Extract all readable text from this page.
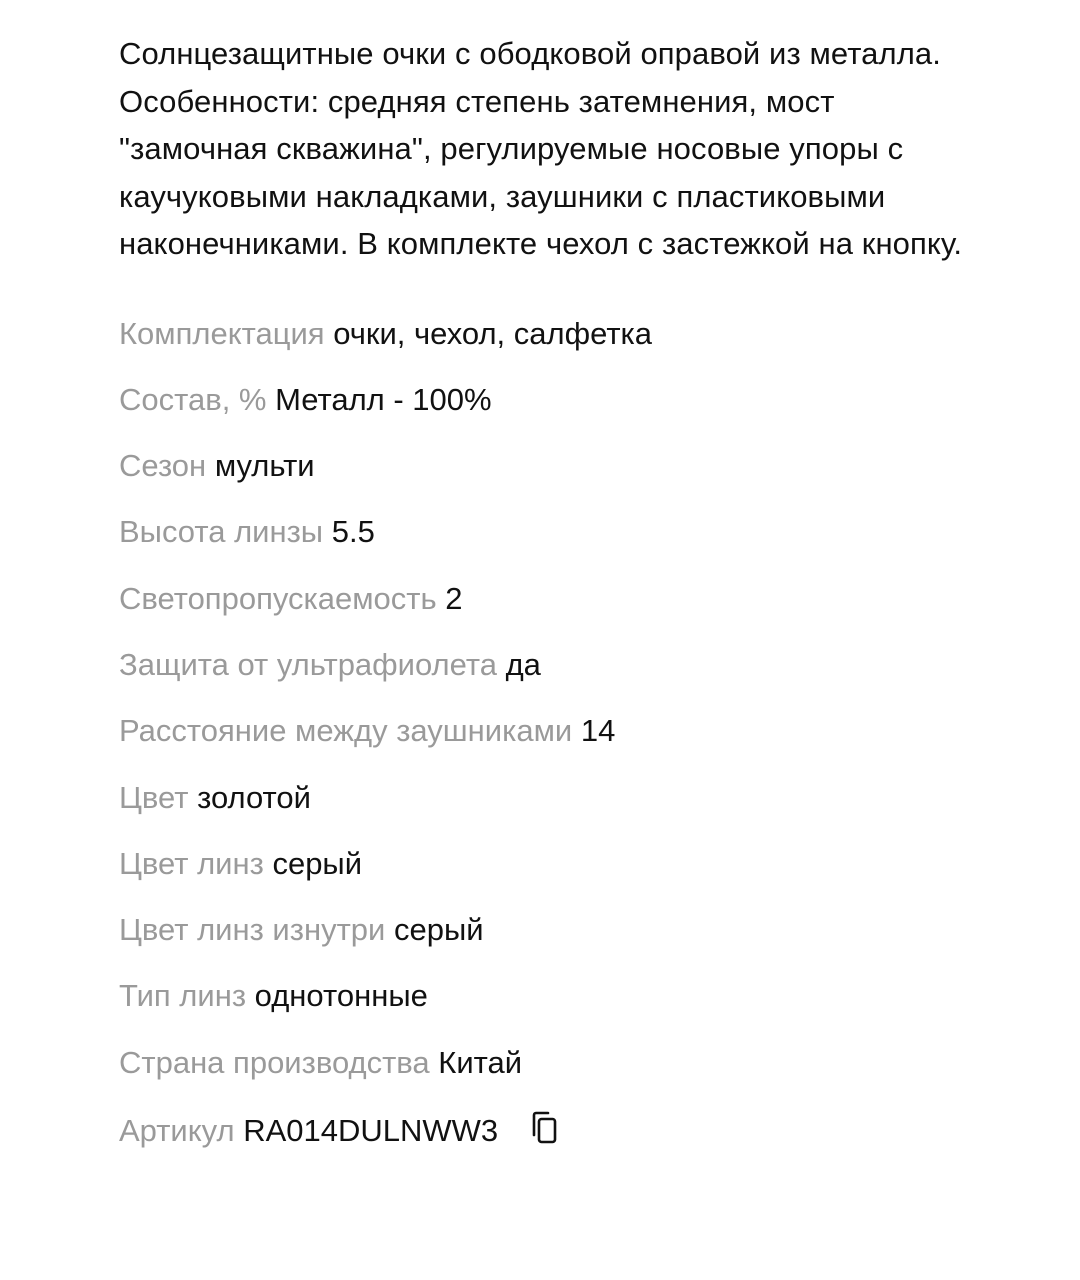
Солнцезащитные очки с ободковой оправой из металла. Особенности: средняя степень затемнения, мост "замочная скважина", регулируемые носовые упоры с каучуковыми накладками, заушники с пластиковыми наконечниками. В комплекте чехол с застежкой на кнопку.

Комплектация очки, чехол, салфетка
Состав, % Металл - 100%
Сезон мульти
Высота линзы 5.5
Светопропускаемость 2
Защита от ультрафиолета да
Расстояние между заушниками 14
Цвет золотой
Цвет линз серый
Цвет линз изнутри серый
Тип линз однотонные
Страна производства Китай
Артикул RA014DULNWW3
